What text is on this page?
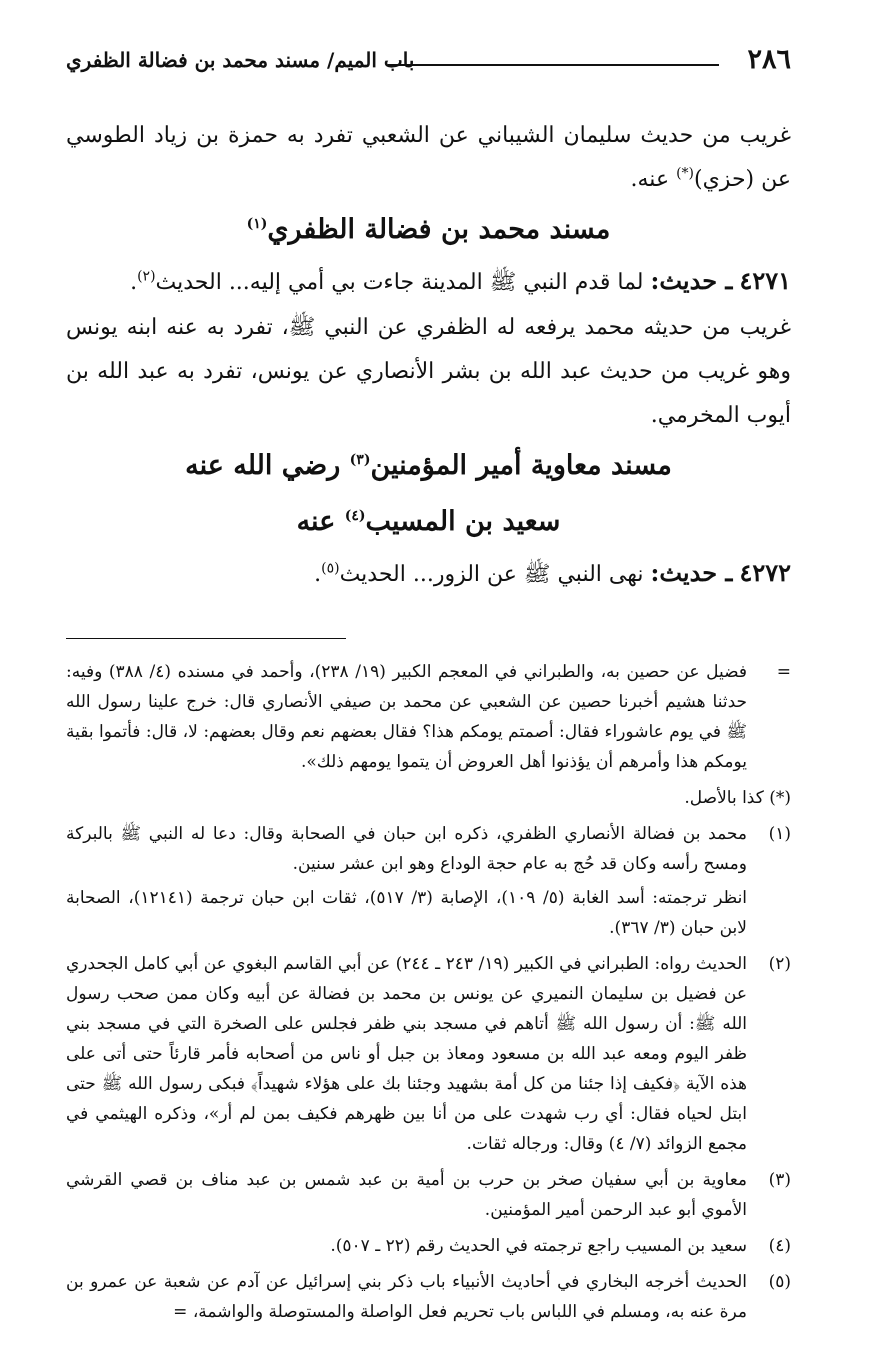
٢٨٦
باب الميم/ مسند محمد بن فضالة الظفري

غريب من حديث سليمان الشيباني عن الشعبي تفرد به حمزة بن زياد الطوسي عن (حزي)(*) عنه.

مسند محمد بن فضالة الظفري$^{(١)}$

٤٢٧١ ـ حديث: لما قدم النبي ﷺ المدينة جاءت بي أمي إليه... الحديث$^{(٢)}$.

غريب من حديثه محمد يرفعه له الظفري عن النبي ﷺ، تفرد به عنه ابنه يونس وهو غريب من حديث عبد الله بن بشر الأنصاري عن يونس، تفرد به عبد الله بن أيوب المخرمي.

مسند معاوية أمير المؤمنين$^{(٣)}$ رضي الله عنه

سعيد بن المسيب$^{(٤)}$ عنه

٤٢٧٢ ـ حديث: نهى النبي ﷺ عن الزور... الحديث$^{(٥)}$.

=
فضيل عن حصين به، والطبراني في المعجم الكبير (١٩/ ٢٣٨)، وأحمد في مسنده (٤/ ٣٨٨) وفيه: حدثنا هشيم أخبرنا حصين عن الشعبي عن محمد بن صيفي الأنصاري قال: خرج علينا رسول الله ﷺ في يوم عاشوراء فقال: أصمتم يومكم هذا؟ فقال بعضهم نعم وقال بعضهم: لا، قال: فأتموا بقية يومكم هذا وأمرهم أن يؤذنوا أهل العروض أن يتموا يومهم ذلك».
(*) كذا بالأصل.
(١)
محمد بن فضالة الأنصاري الظفري، ذكره ابن حبان في الصحابة وقال: دعا له النبي ﷺ بالبركة ومسح رأسه وكان قد حُج به عام حجة الوداع وهو ابن عشر سنين.
انظر ترجمته: أسد الغابة (٥/ ١٠٩)، الإصابة (٣/ ٥١٧)، ثقات ابن حبان ترجمة (١٢١٤١)، الصحابة لابن حبان (٣/ ٣٦٧).
(٢)
الحديث رواه: الطبراني في الكبير (١٩/ ٢٤٣ ـ ٢٤٤) عن أبي القاسم البغوي عن أبي كامل الجحدري عن فضيل بن سليمان النميري عن يونس بن محمد بن فضالة عن أبيه وكان ممن صحب رسول الله ﷺ: أن رسول الله ﷺ أتاهم في مسجد بني ظفر فجلس على الصخرة التي في مسجد بني ظفر اليوم ومعه عبد الله بن مسعود ومعاذ بن جبل أو ناس من أصحابه فأمر قارئاً حتى أتى على هذه الآية ﴿فكيف إذا جئنا من كل أمة بشهيد وجئنا بك على هؤلاء شهيداً﴾ فبكى رسول الله ﷺ حتى ابتل لحياه فقال: أي رب شهدت على من أنا بين ظهرهم فكيف بمن لم أر»، وذكره الهيثمي في مجمع الزوائد (٧/ ٤) وقال: ورجاله ثقات.
(٣)
معاوية بن أبي سفيان صخر بن حرب بن أمية بن عبد شمس بن عبد مناف بن قصي القرشي الأموي أبو عبد الرحمن أمير المؤمنين.
(٤)
سعيد بن المسيب راجع ترجمته في الحديث رقم (٢٢ ـ ٥٠٧).
(٥)
الحديث أخرجه البخاري في أحاديث الأنبياء باب ذكر بني إسرائيل عن آدم عن شعبة عن عمرو بن مرة عنه به، ومسلم في اللباس باب تحريم فعل الواصلة والمستوصلة والواشمة، =
